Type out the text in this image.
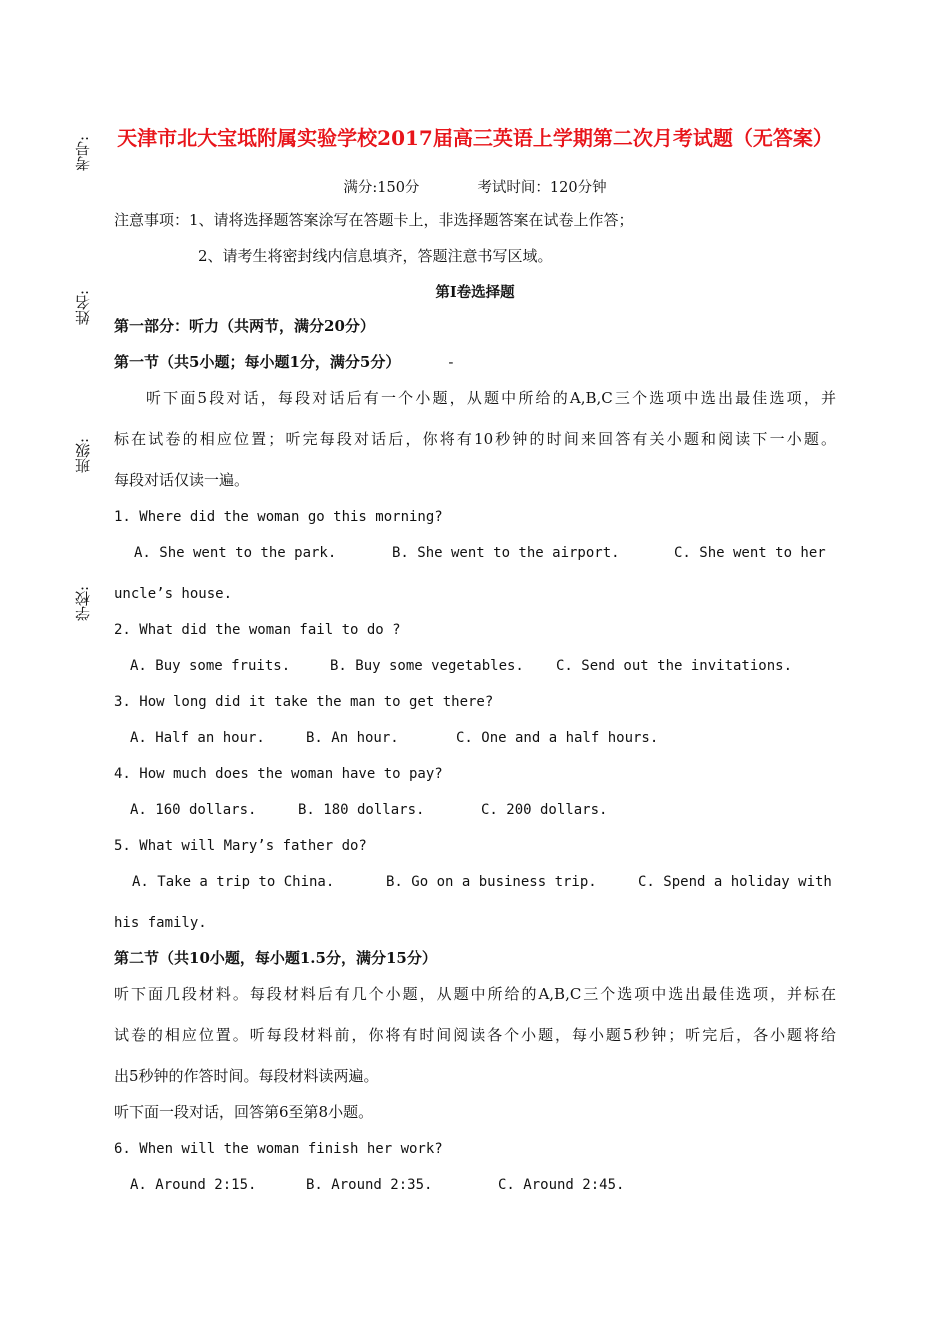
考号:
姓名:
班级:
学校:
天津市北大宝坻附属实验学校2017届高三英语上学期第二次月考试题（无答案）
满分:150分	考试时间：120分钟
注意事项：1、请将选择题答案涂写在答题卡上，非选择题答案在试卷上作答；
2、请考生将密封线内信息填齐，答题注意书写区域。
第I卷选择题
第一部分：听力（共两节，满分20分）
第一节（共5小题；每小题1分，满分5分）	-
听下面5段对话，每段对话后有一个小题，从题中所给的A,B,C三个选项中选出最佳选项，并
标在试卷的相应位置；听完每段对话后，你将有10秒钟的时间来回答有关小题和阅读下一小题。
每段对话仅读一遍。
1. Where did the woman go this morning?
A. She went to the park.	B. She went to the airport.	C. She went to her
uncle’s house.
2. What did the woman fail to do ?
A. Buy some fruits.	B. Buy some vegetables. C. Send out the invitations.
3. How long did it take the man to get there?
A. Half an hour.	B. An hour.	C. One and a half hours.
4. How much does the woman have to pay?
A. 160 dollars.	B. 180 dollars.	C. 200 dollars.
5. What will Mary’s father do?
A. Take a trip to China.	B. Go on a business trip.	C. Spend a holiday with
his family.
第二节（共10小题，每小题1.5分，满分15分）
听下面几段材料。每段材料后有几个小题，从题中所给的A,B,C三个选项中选出最佳选项，并标在
试卷的相应位置。听每段材料前，你将有时间阅读各个小题，每小题5秒钟；听完后，各小题将给
出5秒钟的作答时间。每段材料读两遍。
听下面一段对话，回答第6至第8小题。
6. When will the woman finish her work?
A. Around 2:15.	B. Around 2:35.	C. Around 2:45.
